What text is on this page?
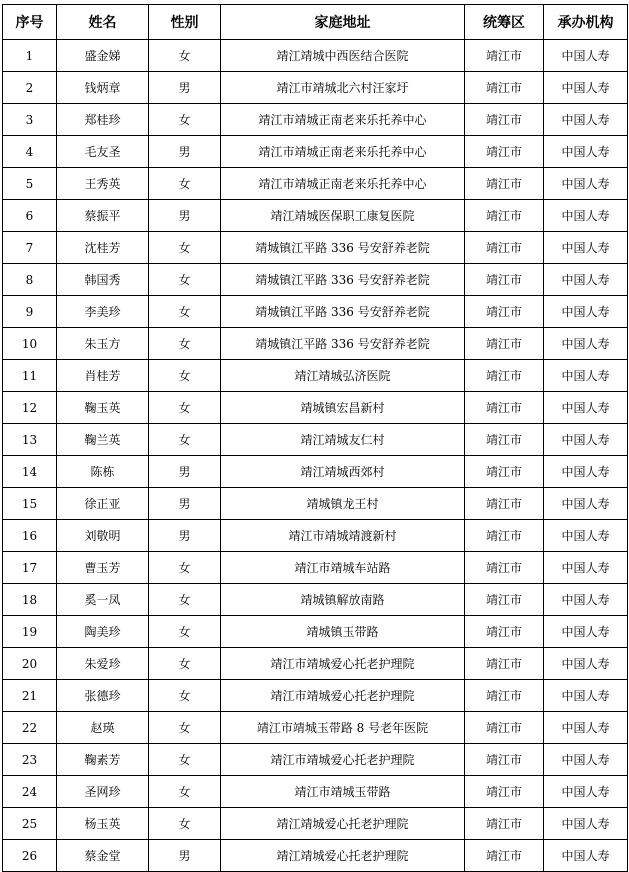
序号	姓名	性别	家庭地址	统筹区	承办机构
1	盛金娣	女	靖江靖城中西医结合医院	靖江市	中国人寿
2	钱炳章	男	靖江市靖城北六村汪家圩	靖江市	中国人寿
3	郑桂珍	女	靖江市靖城正南老来乐托养中心	靖江市	中国人寿
4	毛友圣	男	靖江市靖城正南老来乐托养中心	靖江市	中国人寿
5	王秀英	女	靖江市靖城正南老来乐托养中心	靖江市	中国人寿
6	蔡振平	男	靖江靖城医保职工康复医院	靖江市	中国人寿
7	沈桂芳	女	靖城镇江平路 336 号安舒养老院	靖江市	中国人寿
8	韩国秀	女	靖城镇江平路 336 号安舒养老院	靖江市	中国人寿
9	李美珍	女	靖城镇江平路 336 号安舒养老院	靖江市	中国人寿
10	朱玉方	女	靖城镇江平路 336 号安舒养老院	靖江市	中国人寿
11	肖桂芳	女	靖江靖城弘济医院	靖江市	中国人寿
12	鞠玉英	女	靖城镇宏昌新村	靖江市	中国人寿
13	鞠兰英	女	靖江靖城友仁村	靖江市	中国人寿
14	陈栋	男	靖江靖城西郊村	靖江市	中国人寿
15	徐正亚	男	靖城镇龙王村	靖江市	中国人寿
16	刘敬明	男	靖江市靖城靖渡新村	靖江市	中国人寿
17	曹玉芳	女	靖江市靖城车站路	靖江市	中国人寿
18	奚一凤	女	靖城镇解放南路	靖江市	中国人寿
19	陶美珍	女	靖城镇玉带路	靖江市	中国人寿
20	朱爱珍	女	靖江市靖城爱心托老护理院	靖江市	中国人寿
21	张德珍	女	靖江市靖城爱心托老护理院	靖江市	中国人寿
22	赵瑛	女	靖江市靖城玉带路 8 号老年医院	靖江市	中国人寿
23	鞠素芳	女	靖江市靖城爱心托老护理院	靖江市	中国人寿
24	圣网珍	女	靖江市靖城玉带路	靖江市	中国人寿
25	杨玉英	女	靖江靖城爱心托老护理院	靖江市	中国人寿
26	蔡金堂	男	靖江靖城爱心托老护理院	靖江市	中国人寿
